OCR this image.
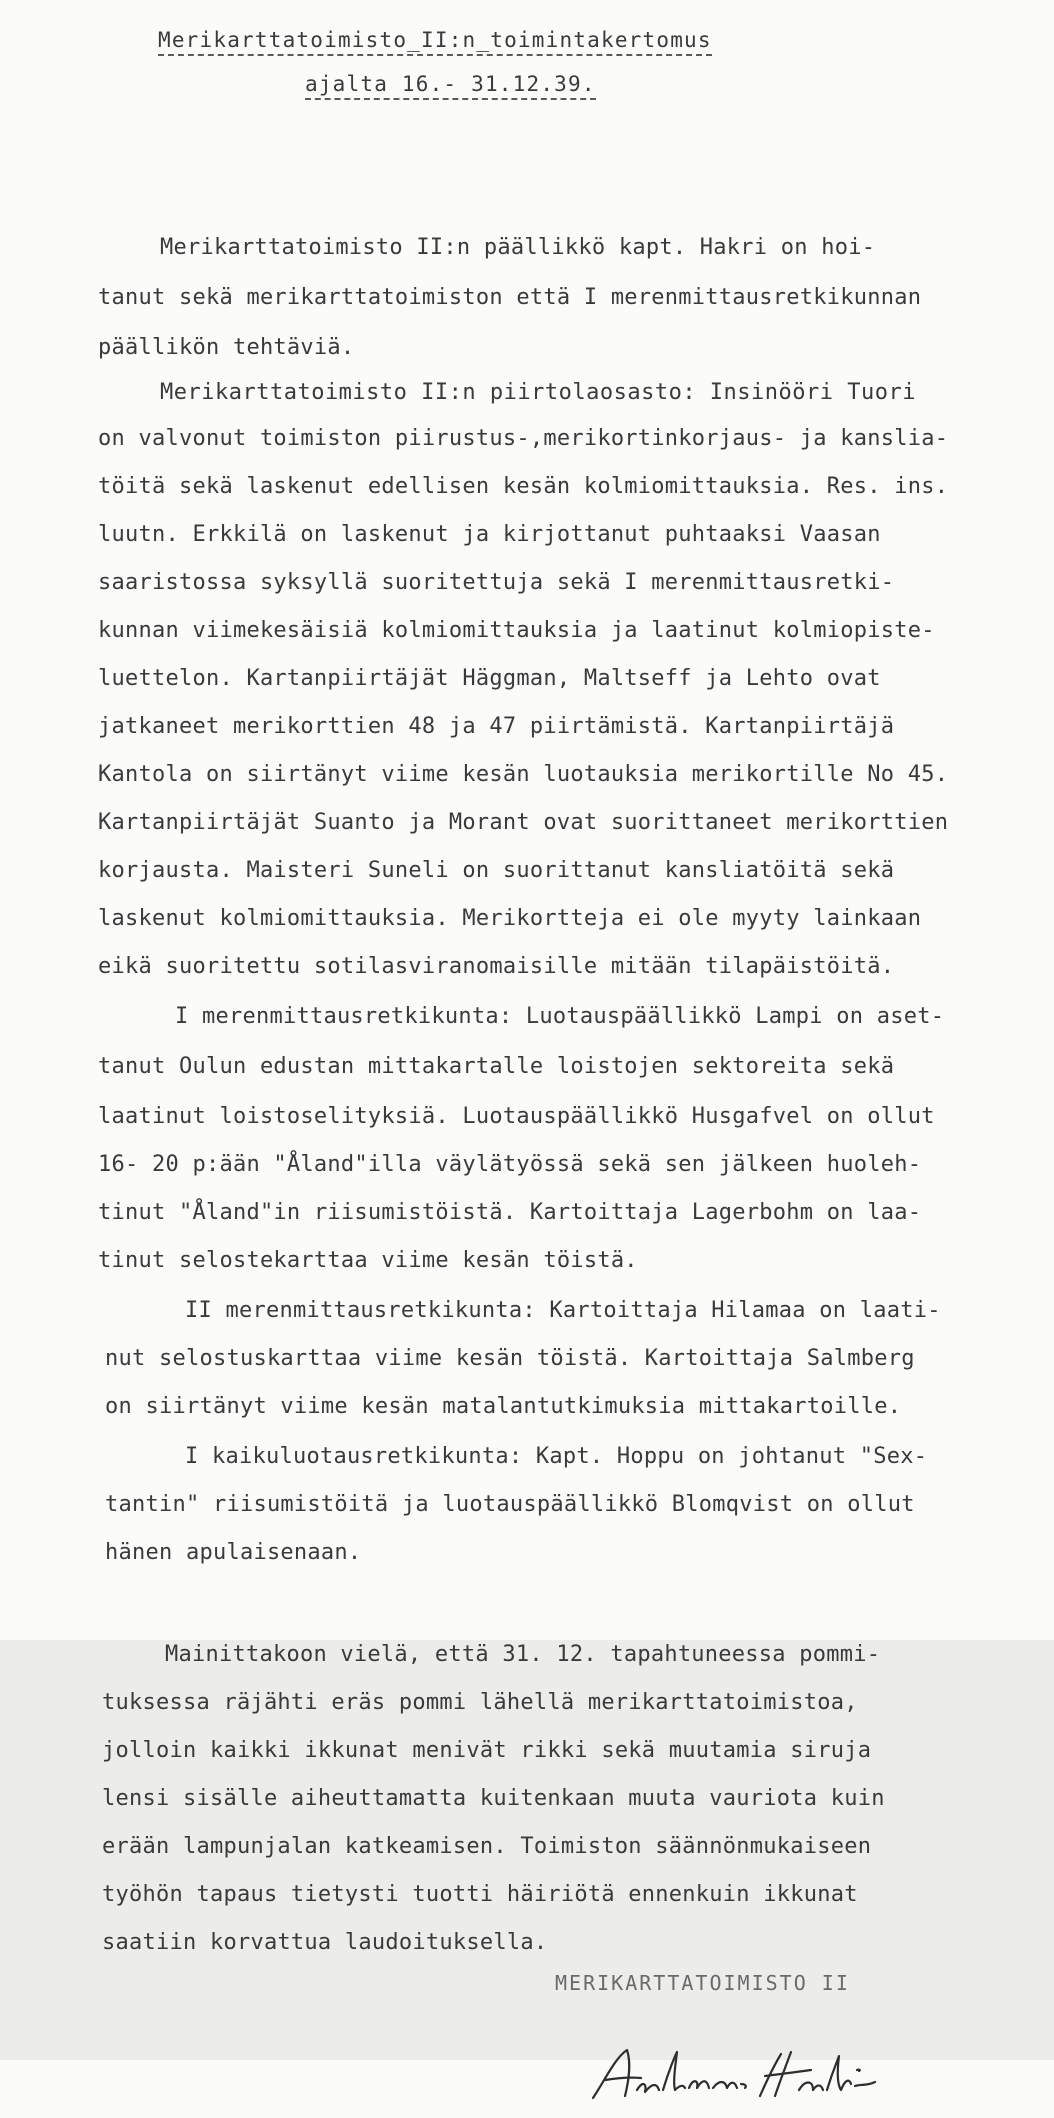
Merikarttatoimisto_II:n_toimintakertomus
ajalta 16.- 31.12.39.
Merikarttatoimisto II:n päällikkö kapt. Hakri on hoi-
tanut sekä merikarttatoimiston että I merenmittausretkikunnan
päällikön tehtäviä.
Merikarttatoimisto II:n piirtolaosasto: Insinööri Tuori
on valvonut toimiston piirustus-,merikortinkorjaus- ja kanslia-
töitä sekä laskenut edellisen kesän kolmiomittauksia. Res. ins.
luutn. Erkkilä on laskenut ja kirjottanut puhtaaksi Vaasan
saaristossa syksyllä suoritettuja sekä I merenmittausretki-
kunnan viimekesäisiä kolmiomittauksia ja laatinut kolmiopiste-
luettelon. Kartanpiirtäjät Häggman, Maltseff ja Lehto ovat
jatkaneet merikorttien 48 ja 47 piirtämistä. Kartanpiirtäjä
Kantola on siirtänyt viime kesän luotauksia merikortille No 45.
Kartanpiirtäjät Suanto ja Morant ovat suorittaneet merikorttien
korjausta. Maisteri Suneli on suorittanut kansliatöitä sekä
laskenut kolmiomittauksia. Merikortteja ei ole myyty lainkaan
eikä suoritettu sotilasviranomaisille mitään tilapäistöitä.
I merenmittausretkikunta: Luotauspäällikkö Lampi on aset-
tanut Oulun edustan mittakartalle loistojen sektoreita sekä
laatinut loistoselityksiä. Luotauspäällikkö Husgafvel on ollut
16- 20 p:ään "Åland"illa väylätyössä sekä sen jälkeen huoleh-
tinut "Åland"in riisumistöistä. Kartoittaja Lagerbohm on laa-
tinut selostekarttaa viime kesän töistä.
II merenmittausretkikunta: Kartoittaja Hilamaa on laati-
nut selostuskarttaa viime kesän töistä. Kartoittaja Salmberg
on siirtänyt viime kesän matalantutkimuksia mittakartoille.
I kaikuluotausretkikunta: Kapt. Hoppu on johtanut "Sex-
tantin" riisumistöitä ja luotauspäällikkö Blomqvist on ollut
hänen apulaisenaan.
Mainittakoon vielä, että 31. 12. tapahtuneessa pommi-
tuksessa räjähti eräs pommi lähellä merikarttatoimistoa,
jolloin kaikki ikkunat menivät rikki sekä muutamia siruja
lensi sisälle aiheuttamatta kuitenkaan muuta vauriota kuin
erään lampunjalan katkeamisen. Toimiston säännönmukaiseen
työhön tapaus tietysti tuotti häiriötä ennenkuin ikkunat
saatiin korvattua laudoituksella.
MERIKARTTATOIMISTO II
